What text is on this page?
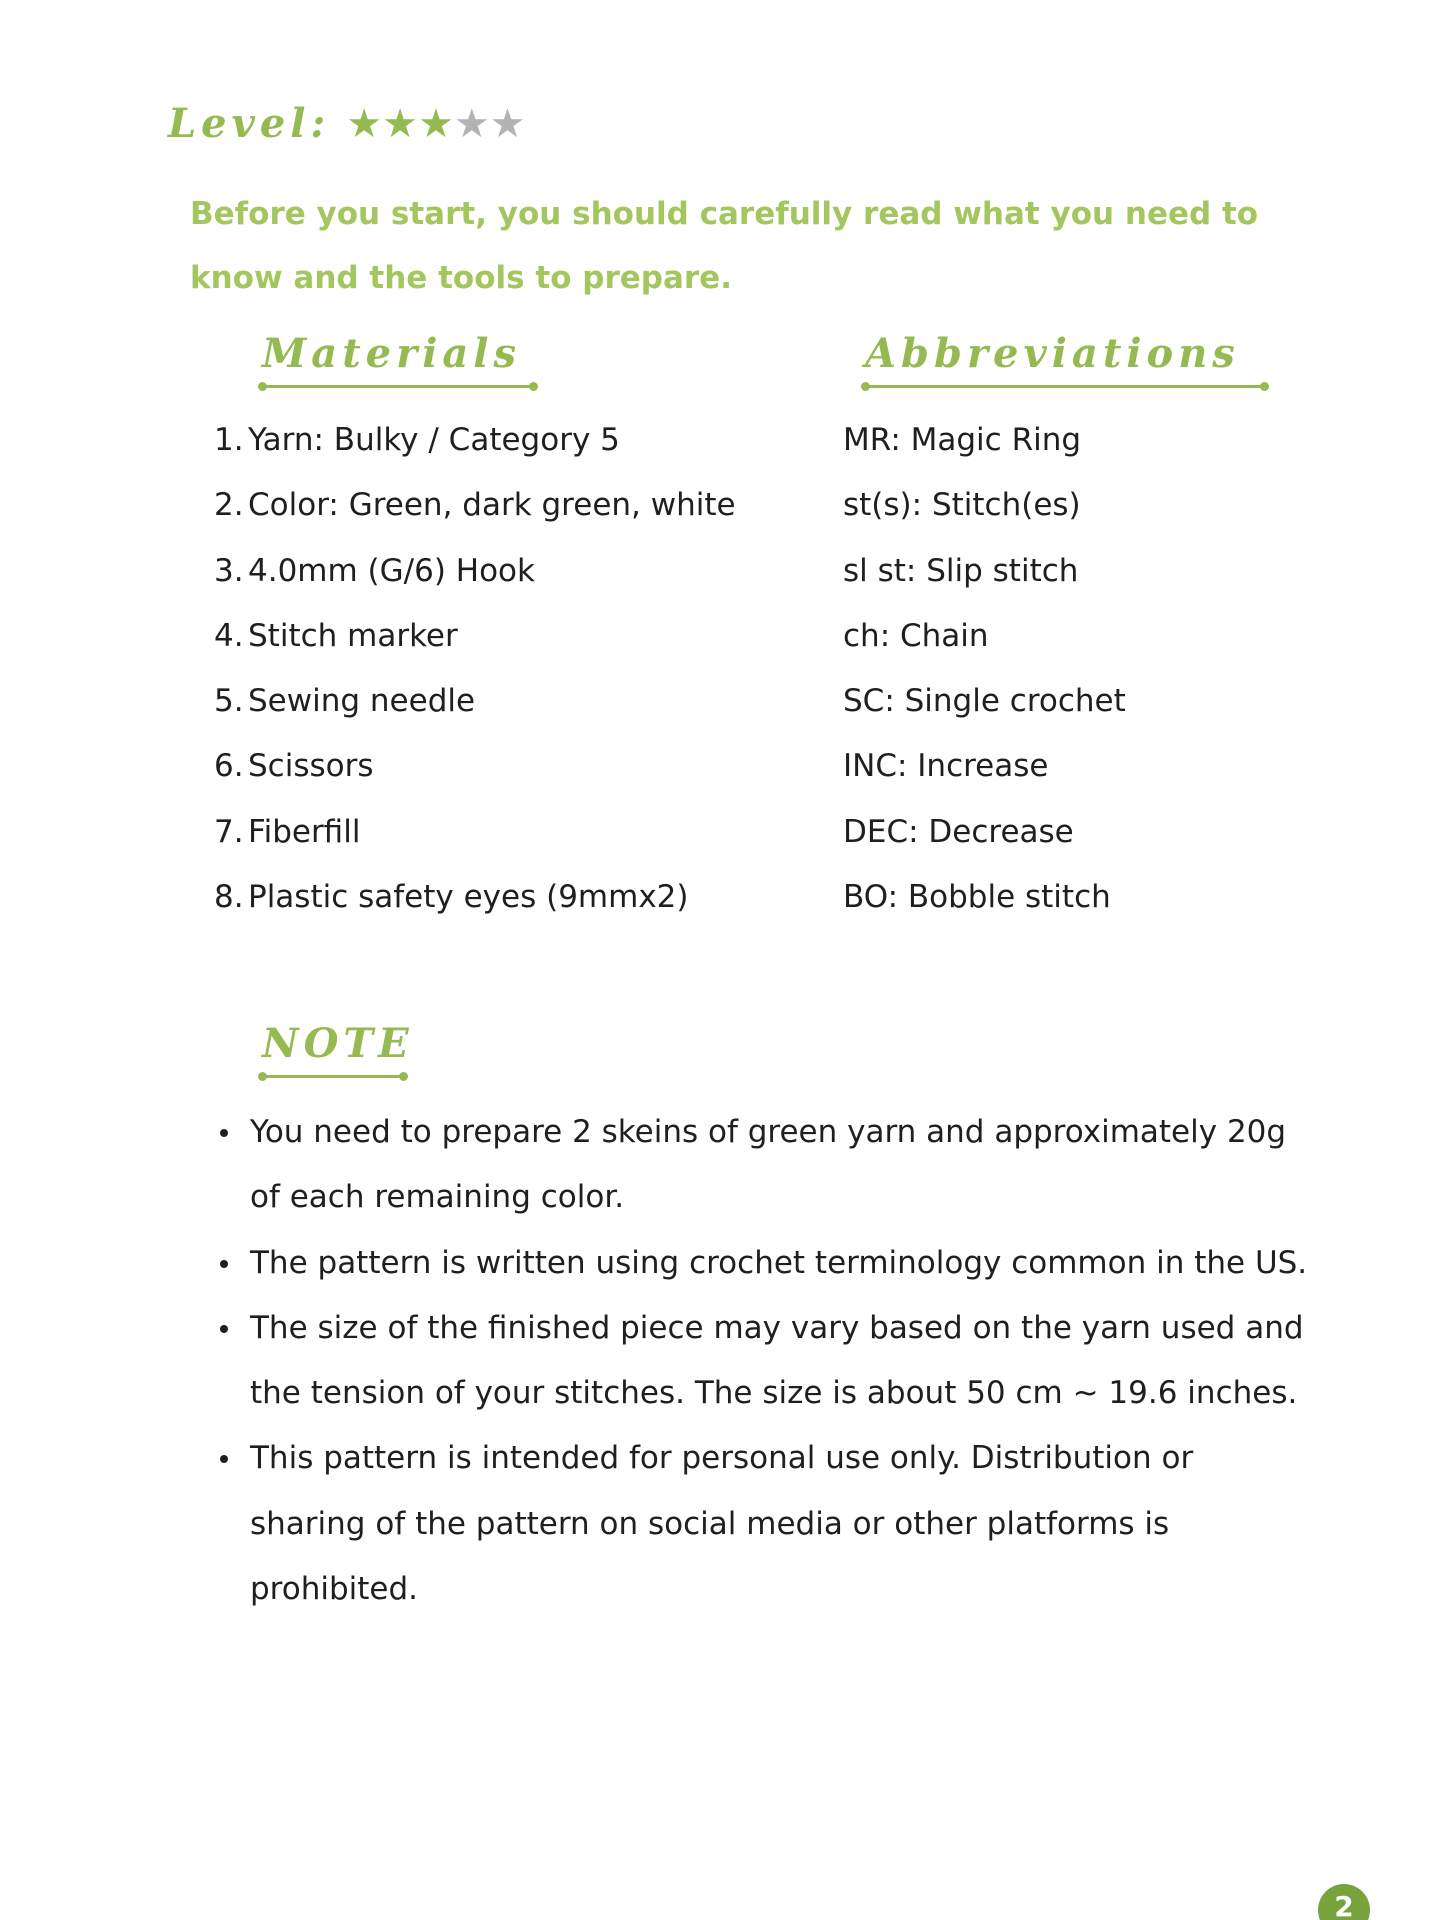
Level: ★ ★ ★ ★ ★

Before you start, you should carefully read what you need to know and the tools to prepare.

Materials	Abbreviations
1. Yarn: Bulky / Category 5
2. Color: Green, dark green, white
3. 4.0mm (G/6) Hook
4. Stitch marker
5. Sewing needle
6. Scissors
7. Fiberfill
8. Plastic safety eyes (9mmx2)
MR: Magic Ring
st(s): Stitch(es)
sl st: Slip stitch
ch: Chain
SC: Single crochet
INC: Increase
DEC: Decrease
BO: Bobble stitch
NOTE
You need to prepare 2 skeins of green yarn and approximately 20g of each remaining color.
The pattern is written using crochet terminology common in the US.
The size of the finished piece may vary based on the yarn used and the tension of your stitches. The size is about 50 cm ~ 19.6 inches.
This pattern is intended for personal use only. Distribution or sharing of the pattern on social media or other platforms is prohibited.
2
